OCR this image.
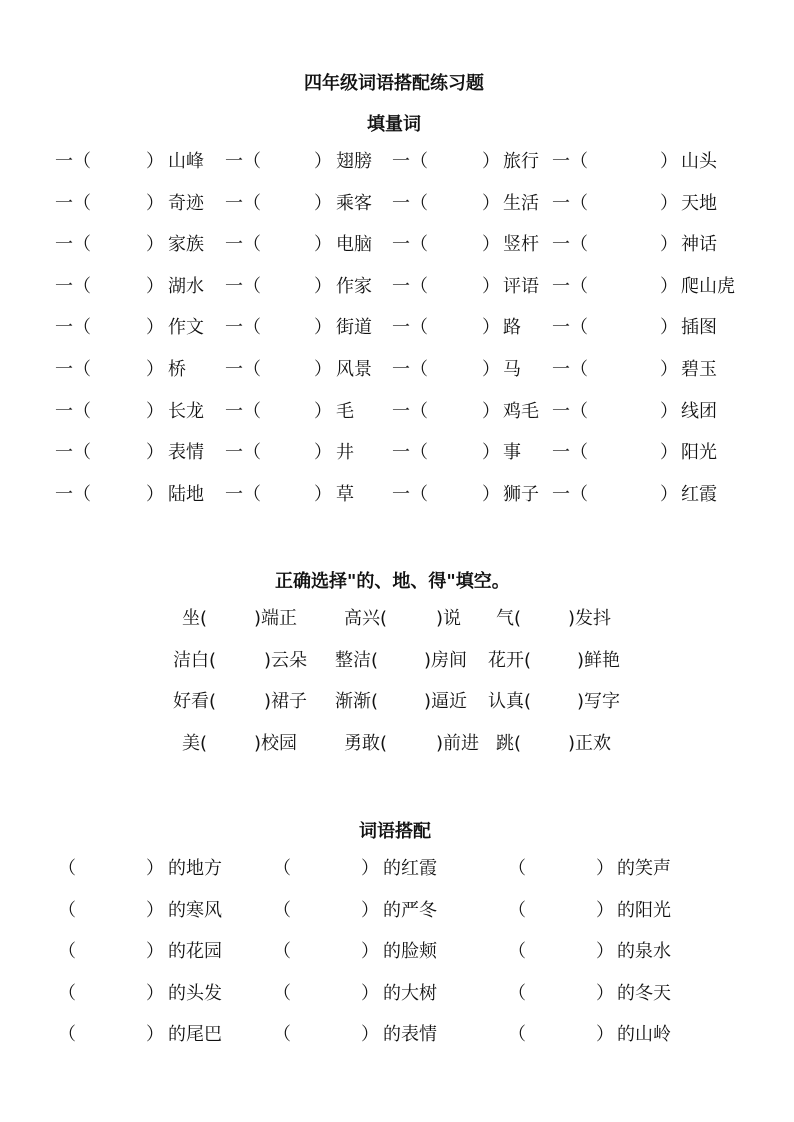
四年级词语搭配练习题
填量词
一（	） 山峰 一（	） 翅膀 一（	） 旅行 一（	） 山头
一（	） 奇迹 一（	） 乘客 一（	） 生活 一（	） 天地
一（	） 家族 一（	） 电脑 一（	） 竖杆 一（	） 神话
一（	） 湖水 一（	） 作家 一（	） 评语 一（	） 爬山虎
一（	） 作文 一（	） 街道 一（	） 路 一（	） 插图
一（	） 桥 一（	） 风景 一（	） 马 一（	） 碧玉
一（	） 长龙 一（	） 毛 一（	） 鸡毛 一（	） 线团
一（	） 表情 一（	） 井 一（	） 事 一（	） 阳光
一（	） 陆地 一（	） 草 一（	） 狮子 一（	） 红霞
正确选择"的、地、得"填空。
坐(	)端正	高兴(	)说 气(	)发抖
洁白(	)云朵 整洁(	)房间 花开(	)鲜艳
好看(	)裙子 渐渐(	)逼近 认真(	)写字
美(	)校园	勇敢(	)前进 跳(	)正欢
词语搭配
（	） 的地方	（	） 的红霞	（	） 的笑声
（	） 的寒风	（	） 的严冬	（	） 的阳光
（	） 的花园	（	） 的脸颊	（	） 的泉水
（	） 的头发	（	） 的大树	（	） 的冬天
（	） 的尾巴	（	） 的表情	（	） 的山岭
